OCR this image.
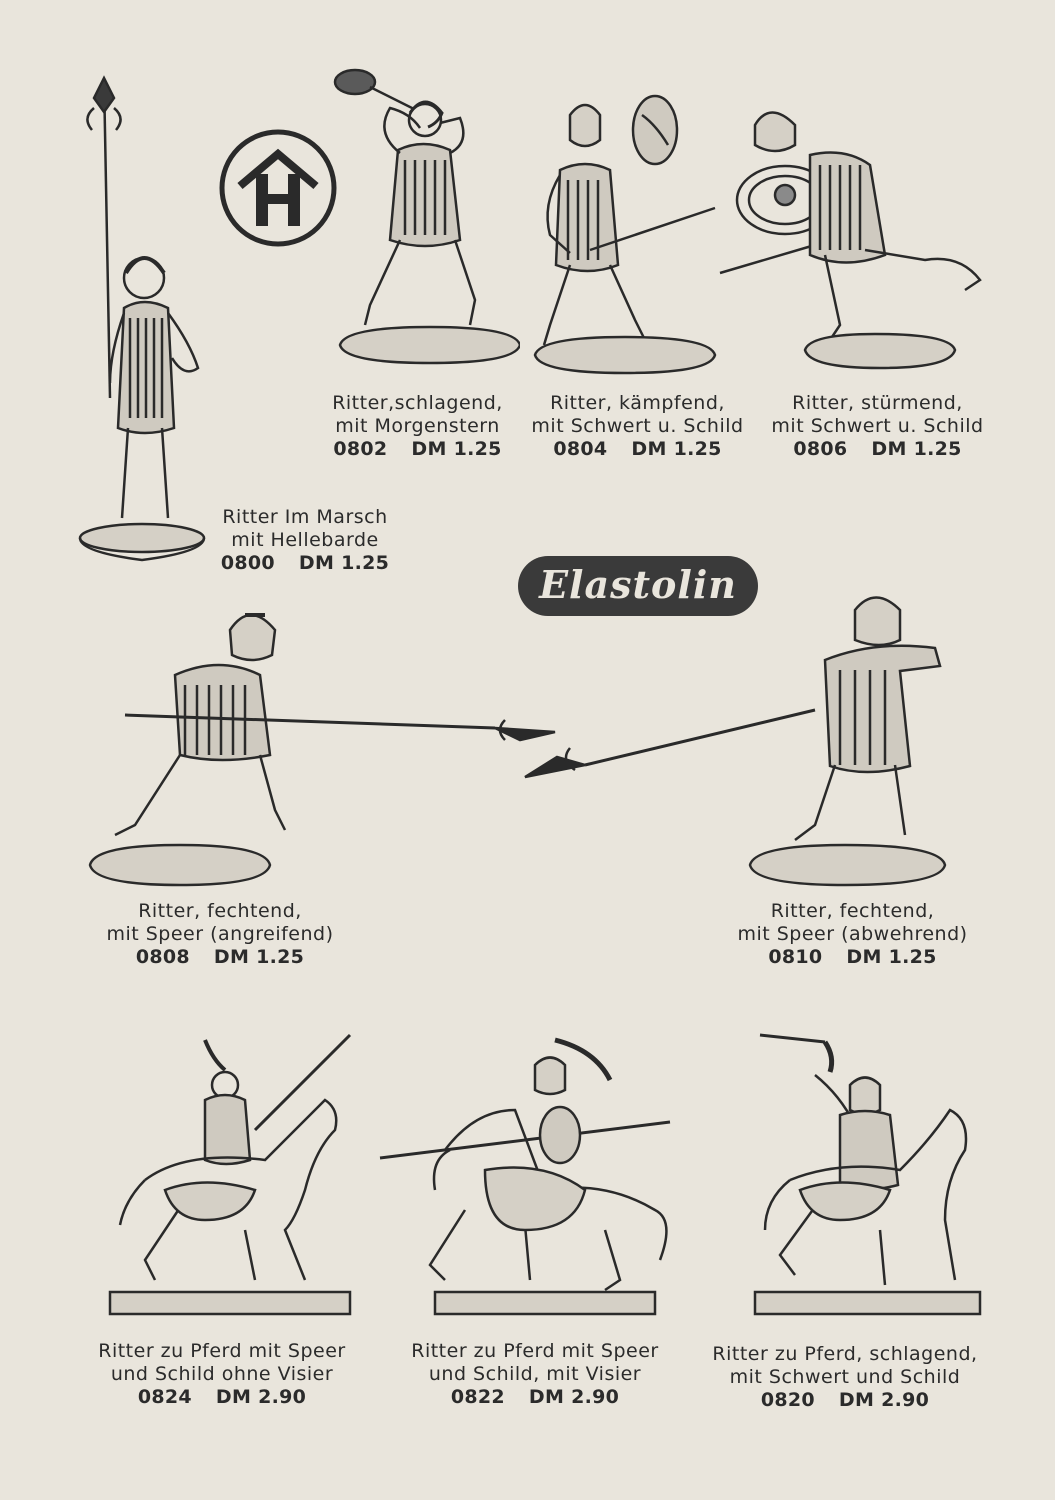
Elastolin
Ritter Im Marsch
mit Hellebarde
0800 DM 1.25
Ritter,schlagend,
mit Morgenstern
0802 DM 1.25
Ritter, kämpfend,
mit Schwert u. Schild
0804 DM 1.25
Ritter, stürmend,
mit Schwert u. Schild
0806 DM 1.25
Ritter, fechtend,
mit Speer (angreifend)
0808 DM 1.25
Ritter, fechtend,
mit Speer (abwehrend)
0810 DM 1.25
Ritter zu Pferd mit Speer
und Schild ohne Visier
0824 DM 2.90
Ritter zu Pferd mit Speer
und Schild, mit Visier
0822 DM 2.90
Ritter zu Pferd, schlagend,
mit Schwert und Schild
0820 DM 2.90
